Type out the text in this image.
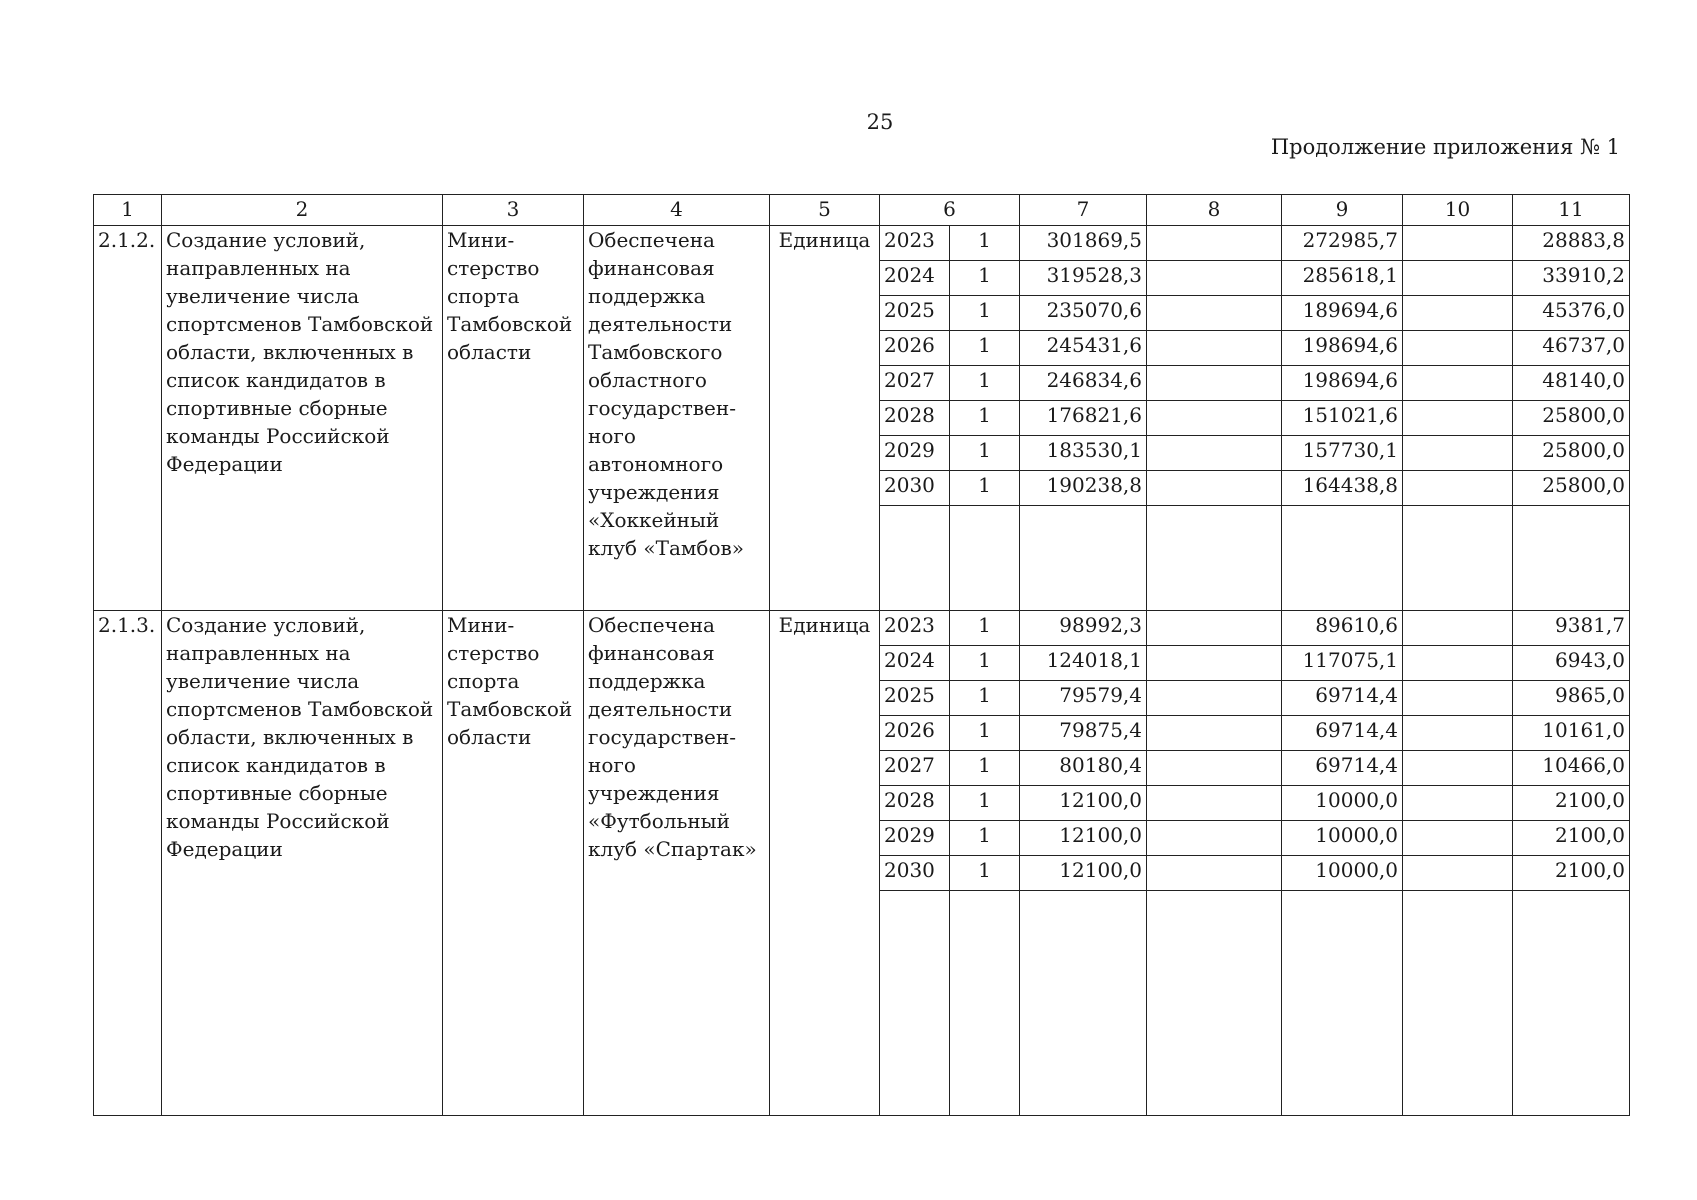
25
Продолжение приложения № 1
1	2	3	4	5	6		7	8	9	10	11
2.1.2.	Создание условий, направленных на увеличение числа спортсменов Тамбовской области, включенных в список кандидатов в спортивные сборные команды Российской Федерации	Мини- стерство спорта Тамбовской области	Обеспечена финансовая поддержка деятельности Тамбовского областного государствен- ного автономного учреждения «Хоккейный клуб «Тамбов»	Единица	2023	1	301869,5		272985,7		28883,8
					2024	1	319528,3		285618,1		33910,2
					2025	1	235070,6		189694,6		45376,0
					2026	1	245431,6		198694,6		46737,0
					2027	1	246834,6		198694,6		48140,0
					2028	1	176821,6		151021,6		25800,0
					2029	1	183530,1		157730,1		25800,0
					2030	1	190238,8		164438,8		25800,0

2.1.3.	Создание условий, направленных на увеличение числа спортсменов Тамбовской области, включенных в список кандидатов в спортивные сборные команды Российской Федерации	Мини- стерство спорта Тамбовской области	Обеспечена финансовая поддержка деятельности государствен- ного учреждения «Футбольный клуб «Спартак»	Единица	2023	1	98992,3		89610,6		9381,7
					2024	1	124018,1		117075,1		6943,0
					2025	1	79579,4		69714,4		9865,0
					2026	1	79875,4		69714,4		10161,0
					2027	1	80180,4		69714,4		10466,0
					2028	1	12100,0		10000,0		2100,0
					2029	1	12100,0		10000,0		2100,0
					2030	1	12100,0		10000,0		2100,0
